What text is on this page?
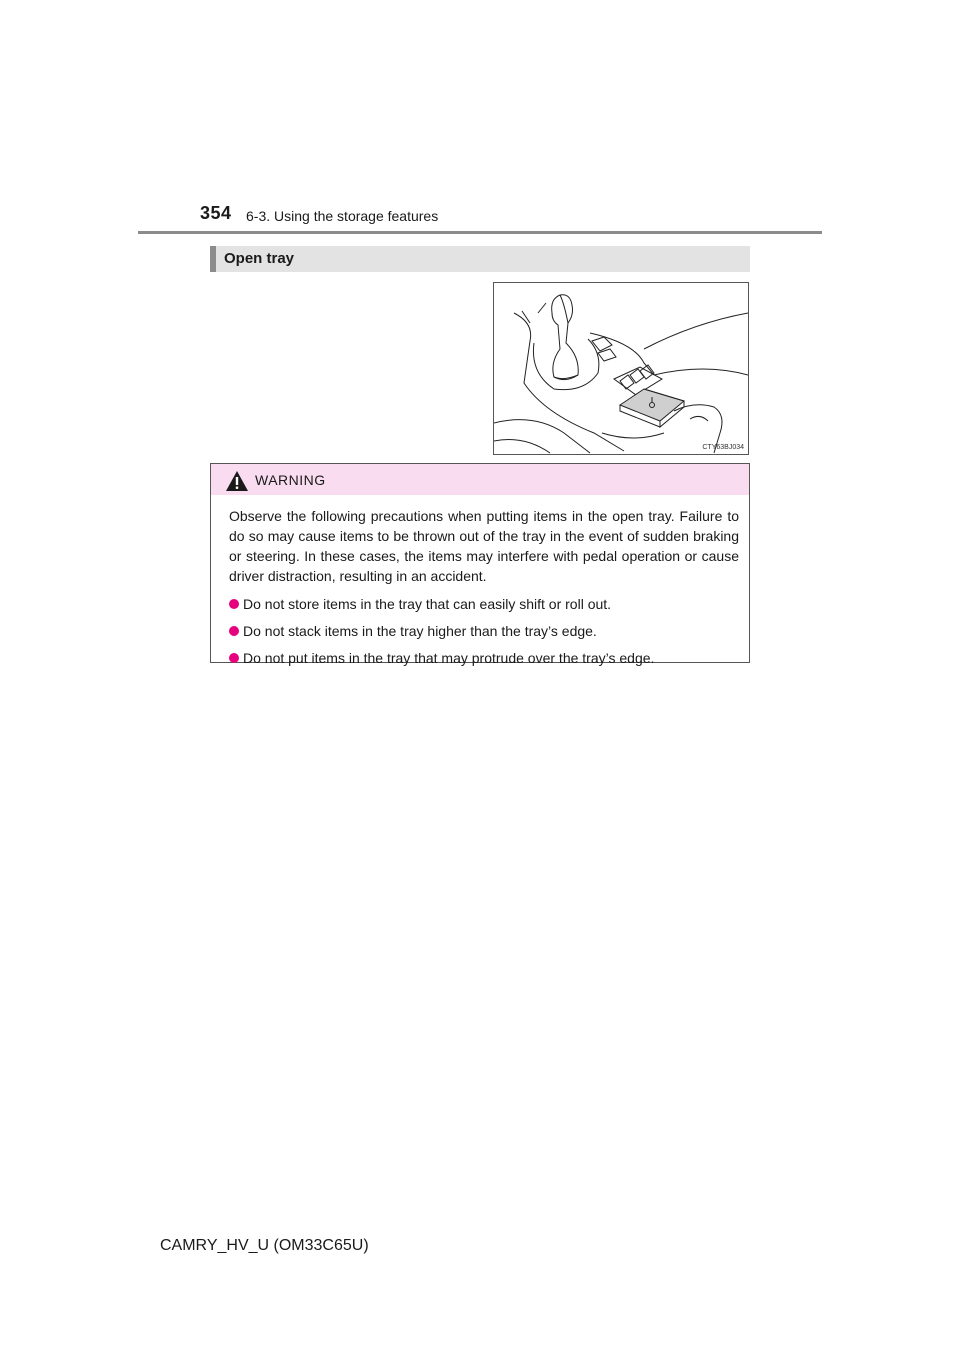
354 6-3. Using the storage features
Open tray
CTY63BJ034
WARNING

Observe the following precautions when putting items in the open tray. Failure to do so may cause items to be thrown out of the tray in the event of sudden braking or steering. In these cases, the items may interfere with pedal operation or cause driver distraction, resulting in an accident.

Do not store items in the tray that can easily shift or roll out.
Do not stack items in the tray higher than the tray’s edge.
Do not put items in the tray that may protrude over the tray’s edge.
CAMRY_HV_U (OM33C65U)
